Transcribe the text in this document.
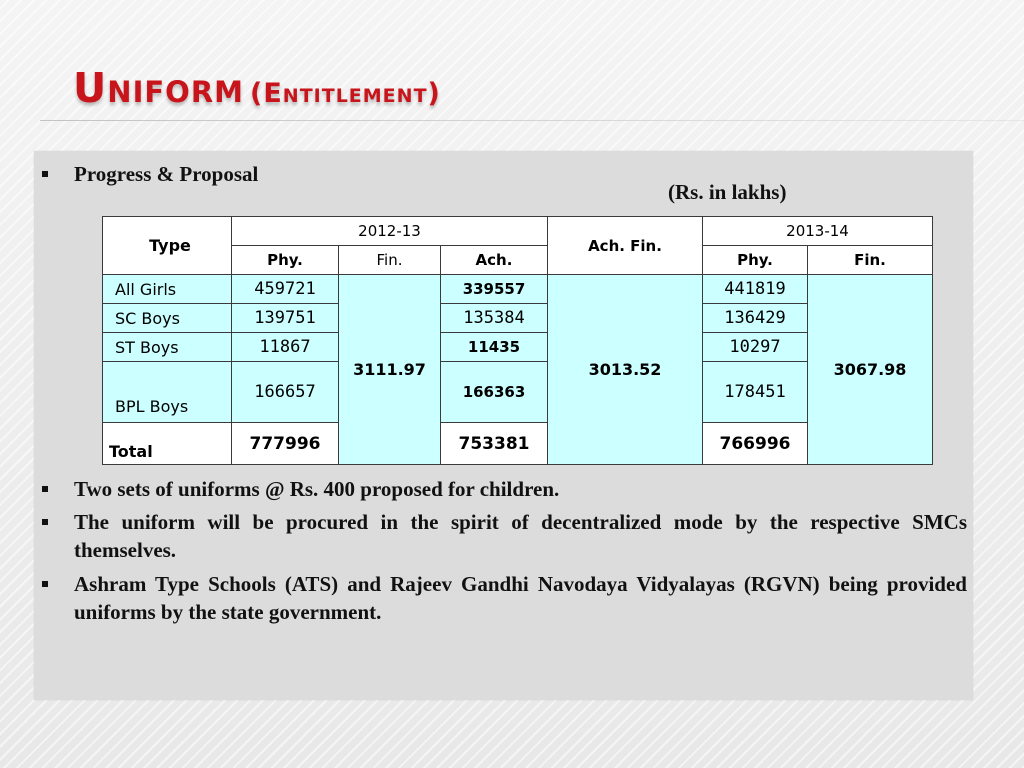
Uniform (Entitlement)
Progress & Proposal
(Rs. in lakhs)
Type	2012-13			Ach. Fin.	2013-14	
	Phy.	Fin.	Ach.		Phy.	Fin.
All Girls	459721	3111.97	339557	3013.52	441819	3067.98
SC Boys	139751		135384		136429	
ST Boys	11867		11435		10297	
BPL Boys	166657		166363		178451	
Total	777996		753381		766996	
Two sets of uniforms @ Rs. 400 proposed for children.
The uniform will be procured in the spirit of decentralized mode by the respective SMCs themselves.
Ashram Type Schools (ATS) and Rajeev Gandhi Navodaya Vidyalayas (RGVN) being provided uniforms by the state government.
